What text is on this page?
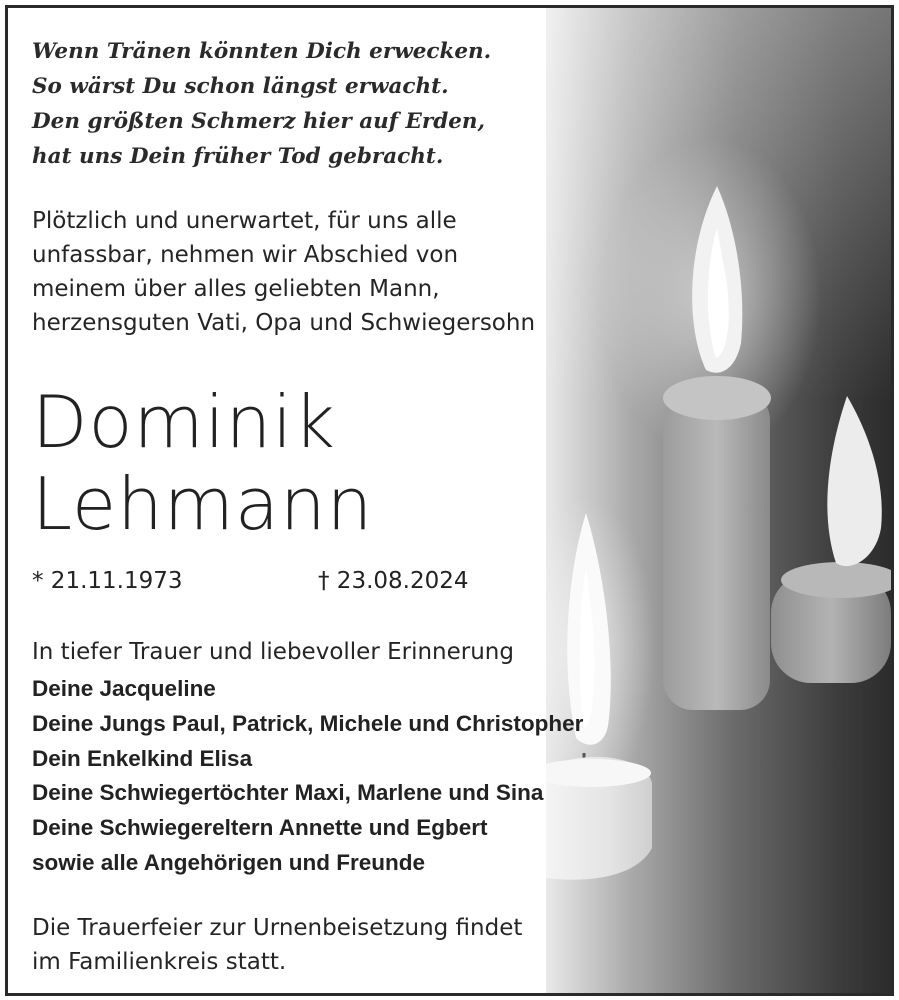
Wenn Tränen könnten Dich erwecken.
So wärst Du schon längst erwacht.
Den größten Schmerz hier auf Erden,
hat uns Dein früher Tod gebracht.
Plötzlich und unerwartet, für uns alle
unfassbar, nehmen wir Abschied von
meinem über alles geliebten Mann,
herzensguten Vati, Opa und Schwiegersohn
Dominik
Lehmann
* 21.11.1973	† 23.08.2024
In tiefer Trauer und liebevoller Erinnerung
Deine Jacqueline
Deine Jungs Paul, Patrick, Michele und Christopher
Dein Enkelkind Elisa
Deine Schwiegertöchter Maxi, Marlene und Sina
Deine Schwiegereltern Annette und Egbert
sowie alle Angehörigen und Freunde
Die Trauerfeier zur Urnenbeisetzung findet
im Familienkreis statt.
